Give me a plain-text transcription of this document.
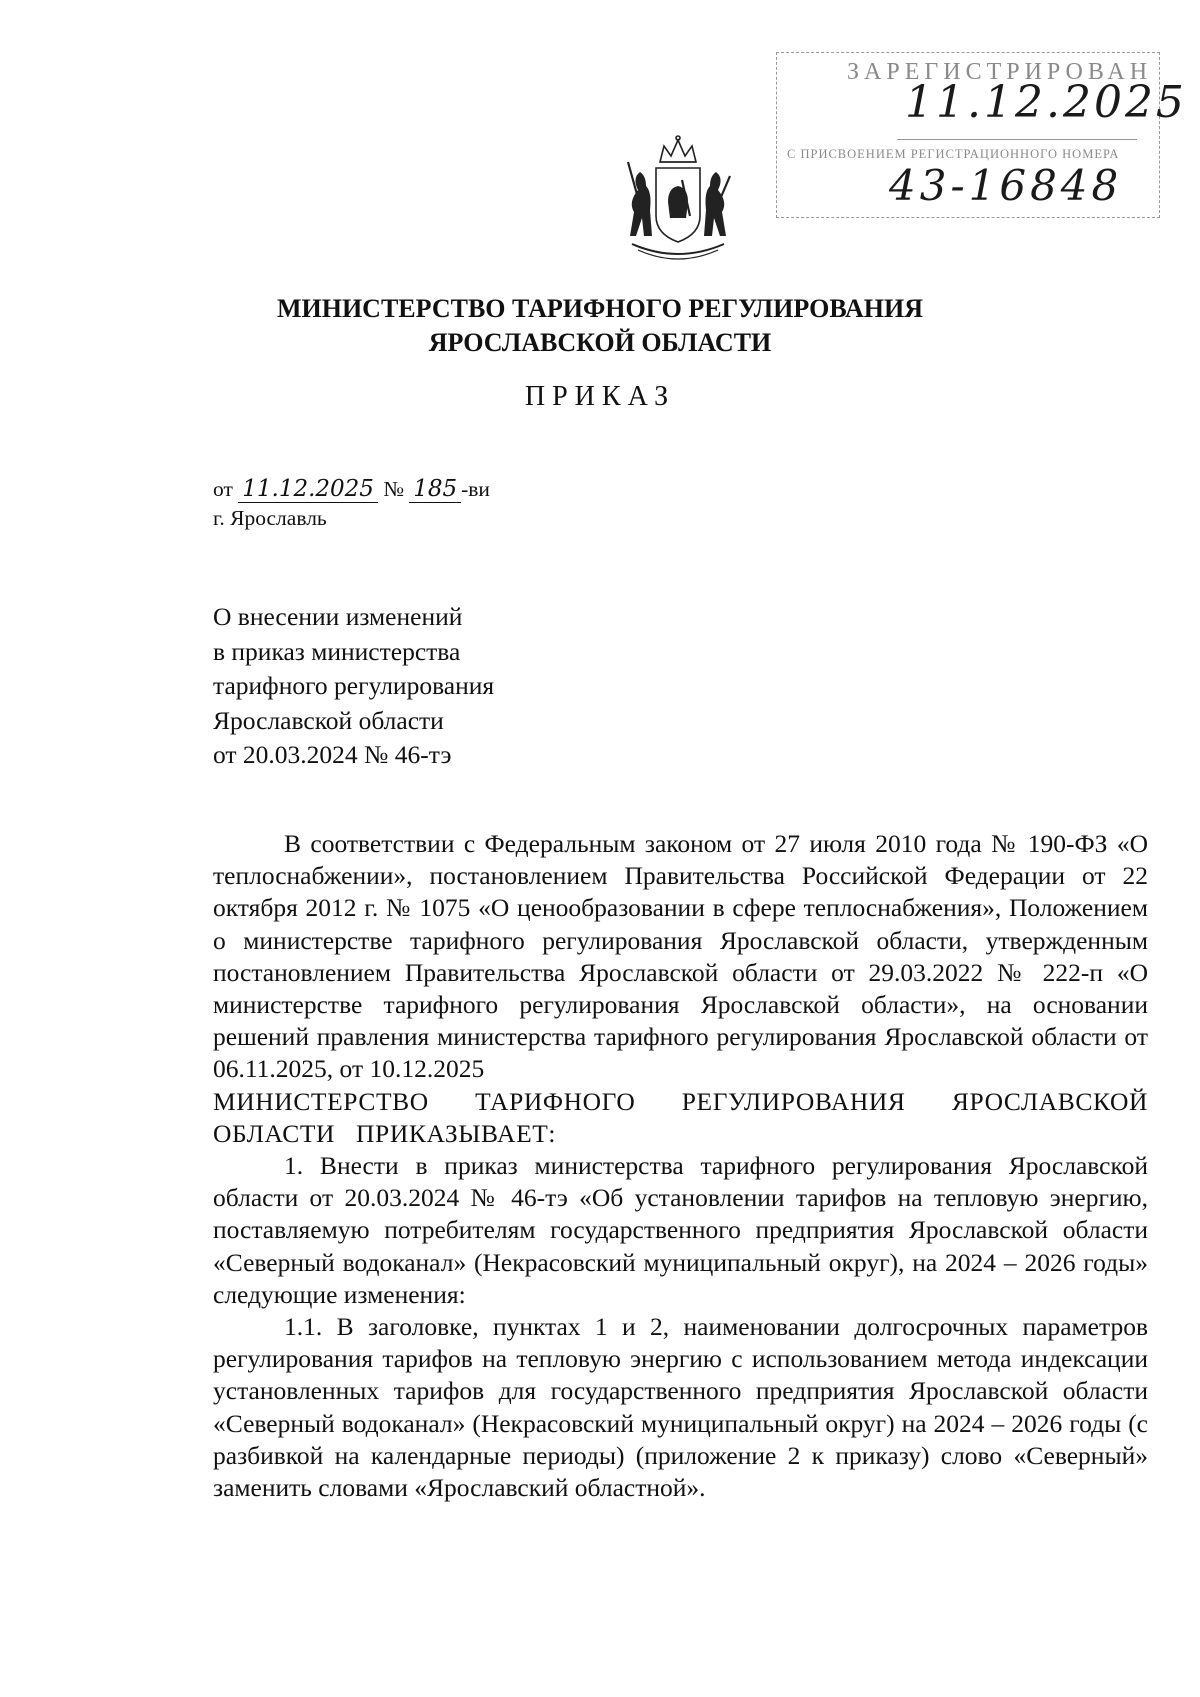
ЗАРЕГИСТРИРОВАН
11.12.2025
С ПРИСВОЕНИЕМ РЕГИСТРАЦИОННОГО НОМЕРА
43-16848
МИНИСТЕРСТВО ТАРИФНОГО РЕГУЛИРОВАНИЯ
ЯРОСЛАВСКОЙ ОБЛАСТИ
ПРИКАЗ
от 11.12.2025 № 185 -ви
г. Ярославль
О внесении изменений
в приказ министерства
тарифного регулирования
Ярославской области
от 20.03.2024 № 46-тэ

В соответствии с Федеральным законом от 27 июля 2010 года № 190-ФЗ «О теплоснабжении», постановлением Правительства Российской Федерации от 22 октября 2012 г. № 1075 «О ценообразовании в сфере теплоснабжения», Положением о министерстве тарифного регулирования Ярославской области, утвержденным постановлением Правительства Ярославской области от 29.03.2022 № 222-п «О министерстве тарифного регулирования Ярославской области», на основании решений правления министерства тарифного регулирования Ярославской области от 06.11.2025, от 10.12.2025

МИНИСТЕРСТВО ТАРИФНОГО РЕГУЛИРОВАНИЯ ЯРОСЛАВСКОЙ ОБЛАСТИ ПРИКАЗЫВАЕТ:

1. Внести в приказ министерства тарифного регулирования Ярославской области от 20.03.2024 № 46-тэ «Об установлении тарифов на тепловую энергию, поставляемую потребителям государственного предприятия Ярославской области «Северный водоканал» (Некрасовский муниципальный округ), на 2024 – 2026 годы» следующие изменения:

1.1. В заголовке, пунктах 1 и 2, наименовании долгосрочных параметров регулирования тарифов на тепловую энергию с использованием метода индексации установленных тарифов для государственного предприятия Ярославской области «Северный водоканал» (Некрасовский муниципальный округ) на 2024 – 2026 годы (с разбивкой на календарные периоды) (приложение 2 к приказу) слово «Северный» заменить словами «Ярославский областной».
